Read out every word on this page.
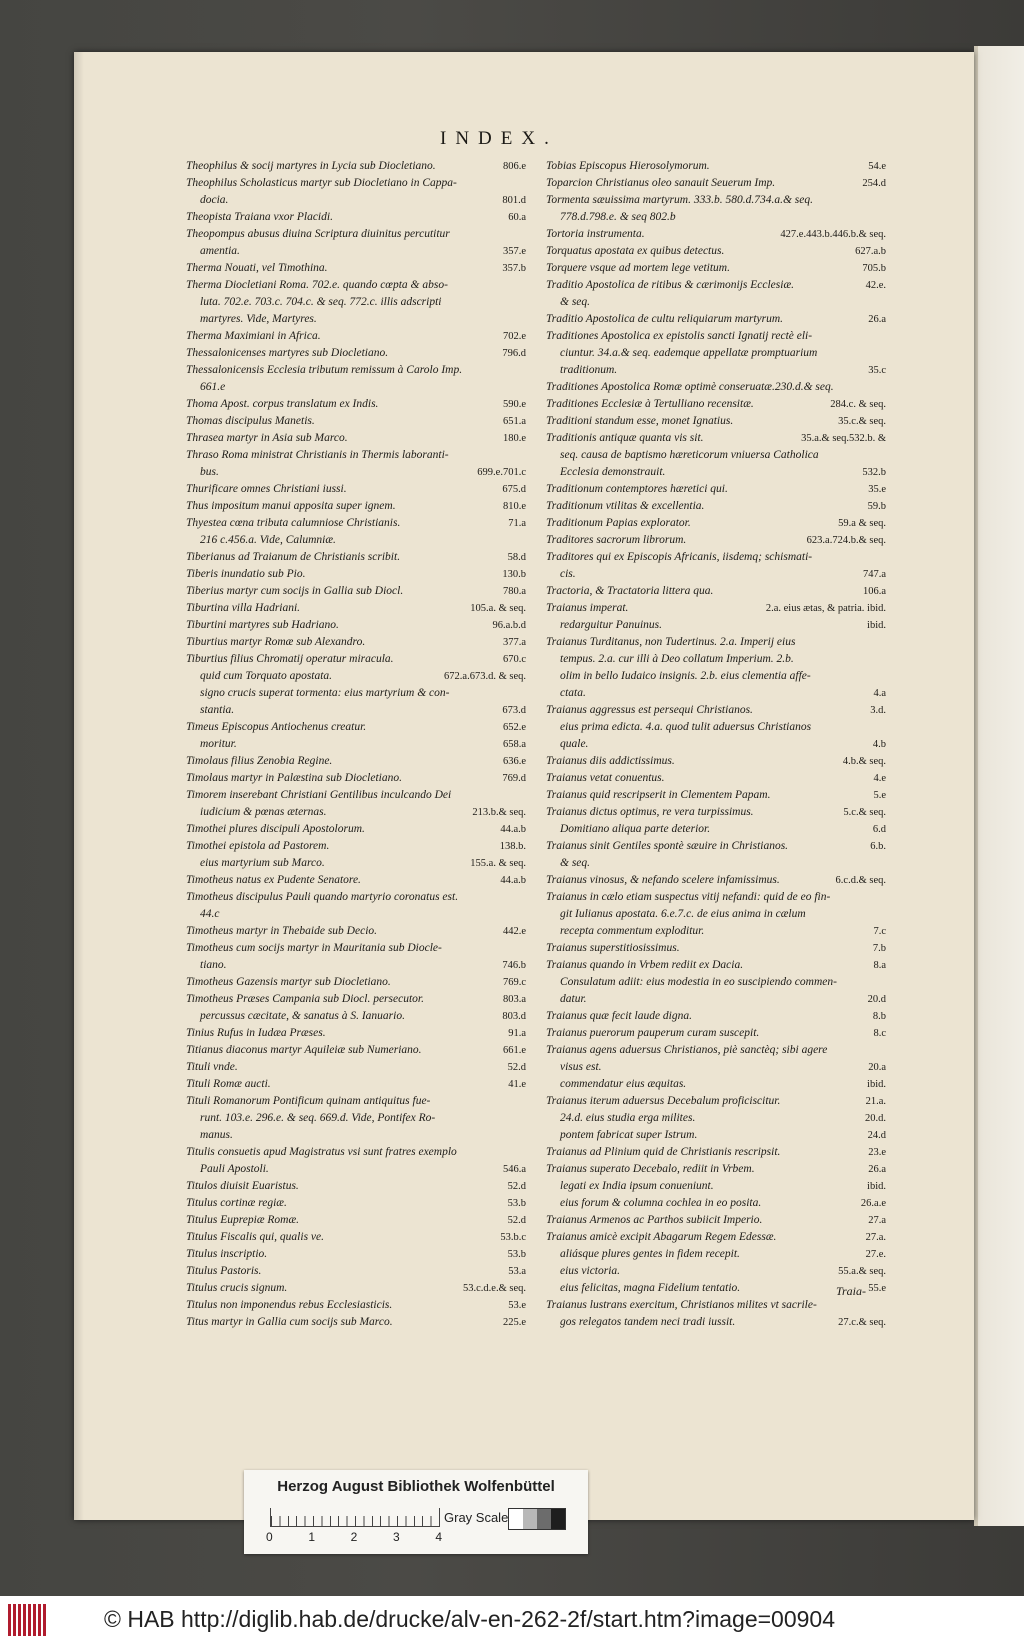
INDEX.
Theophilus & socij martyres in Lycia sub Diocletiano.	806.e
Theophilus Scholasticus martyr sub Diocletiano in Cappa-
docia.	801.d
Theopista Traiana vxor Placidi.	60.a
Theopompus abusus diuina Scriptura diuinitus percutitur
amentia.	357.e
Therma Nouati, vel Timothina.	357.b
Therma Diocletiani Roma. 702.e. quando cœpta & abso-
luta. 702.e. 703.c. 704.c. & seq. 772.c. illis adscripti
martyres. Vide, Martyres.
Therma Maximiani in Africa.	702.e
Thessalonicenses martyres sub Diocletiano.	796.d
Thessalonicensis Ecclesia tributum remissum à Carolo Imp.
661.e
Thoma Apost. corpus translatum ex Indis.	590.e
Thomas discipulus Manetis.	651.a
Thrasea martyr in Asia sub Marco.	180.e
Thraso Roma ministrat Christianis in Thermis laboranti-
bus.	699.e.701.c
Thurificare omnes Christiani iussi.	675.d
Thus impositum manui apposita super ignem.	810.e
Thyestea cœna tributa calumniose Christianis.	71.a
216 c.456.a. Vide, Calumniæ.
Tiberianus ad Traianum de Christianis scribit.	58.d
Tiberis inundatio sub Pio.	130.b
Tiberius martyr cum socijs in Gallia sub Diocl.	780.a
Tiburtina villa Hadriani.	105.a. & seq.
Tiburtini martyres sub Hadriano.	96.a.b.d
Tiburtius martyr Romæ sub Alexandro.	377.a
Tiburtius filius Chromatij operatur miracula.	670.c
quid cum Torquato apostata.	672.a.673.d. & seq.
signo crucis superat tormenta: eius martyrium & con-
stantia.	673.d
Timeus Episcopus Antiochenus creatur.	652.e
moritur.	658.a
Timolaus filius Zenobia Regine.	636.e
Timolaus martyr in Palæstina sub Diocletiano.	769.d
Timorem inserebant Christiani Gentilibus inculcando Dei
iudicium & pœnas æternas.	213.b.& seq.
Timothei plures discipuli Apostolorum.	44.a.b
Timothei epistola ad Pastorem.	138.b.
eius martyrium sub Marco.	155.a. & seq.
Timotheus natus ex Pudente Senatore.	44.a.b
Timotheus discipulus Pauli quando martyrio coronatus est.
44.c
Timotheus martyr in Thebaide sub Decio.	442.e
Timotheus cum socijs martyr in Mauritania sub Diocle-
tiano.	746.b
Timotheus Gazensis martyr sub Diocletiano.	769.c
Timotheus Præses Campania sub Diocl. persecutor.	803.a
percussus cæcitate, & sanatus à S. Ianuario.	803.d
Tinius Rufus in Iudæa Præses.	91.a
Titianus diaconus martyr Aquileiæ sub Numeriano.	661.e
Tituli vnde.	52.d
Tituli Romæ aucti.	41.e
Tituli Romanorum Pontificum quinam antiquitus fue-
runt. 103.e. 296.e. & seq. 669.d. Vide, Pontifex Ro-
manus.
Titulis consuetis apud Magistratus vsi sunt fratres exemplo
Pauli Apostoli.	546.a
Titulos diuisit Euaristus.	52.d
Titulus cortinæ regiæ.	53.b
Titulus Euprepiæ Romæ.	52.d
Titulus Fiscalis qui, qualis ve.	53.b.c
Titulus inscriptio.	53.b
Titulus Pastoris.	53.a
Titulus crucis signum.	53.c.d.e.& seq.
Titulus non imponendus rebus Ecclesiasticis.	53.e
Titus martyr in Gallia cum socijs sub Marco.	225.e
Tobias Episcopus Hierosolymorum.	54.e
Toparcion Christianus oleo sanauit Seuerum Imp.	254.d
Tormenta sæuissima martyrum. 333.b. 580.d.734.a.& seq.
778.d.798.e. & seq 802.b
Tortoria instrumenta.	427.e.443.b.446.b.& seq.
Torquatus apostata ex quibus detectus.	627.a.b
Torquere vsque ad mortem lege vetitum.	705.b
Traditio Apostolica de ritibus & cærimonijs Ecclesiæ.	42.e.
& seq.
Traditio Apostolica de cultu reliquiarum martyrum.	26.a
Traditiones Apostolica ex epistolis sancti Ignatij rectè eli-
ciuntur. 34.a.& seq. eademque appellatæ promptuarium
traditionum.	35.c
Traditiones Apostolica Romæ optimè conseruatæ.230.d.& seq.
Traditiones Ecclesiæ à Tertulliano recensitæ.	284.c. & seq.
Traditioni standum esse, monet Ignatius.	35.c.& seq.
Traditionis antiquæ quanta vis sit.	35.a.& seq.532.b. &
seq. causa de baptismo hæreticorum vniuersa Catholica
Ecclesia demonstrauit.	532.b
Traditionum contemptores hæretici qui.	35.e
Traditionum vtilitas & excellentia.	59.b
Traditionum Papias explorator.	59.a & seq.
Traditores sacrorum librorum.	623.a.724.b.& seq.
Traditores qui ex Episcopis Africanis, iisdemq; schismati-
cis.	747.a
Tractoria, & Tractatoria littera qua.	106.a
Traianus imperat.	2.a. eius ætas, & patria. ibid.
redarguitur Panuinus.	ibid.
Traianus Turditanus, non Tudertinus. 2.a. Imperij eius
tempus. 2.a. cur illi à Deo collatum Imperium. 2.b.
olim in bello Iudaico insignis. 2.b. eius clementia affe-
ctata.	4.a
Traianus aggressus est persequi Christianos.	3.d.
eius prima edicta. 4.a. quod tulit aduersus Christianos
quale.	4.b
Traianus diis addictissimus.	4.b.& seq.
Traianus vetat conuentus.	4.e
Traianus quid rescripserit in Clementem Papam.	5.e
Traianus dictus optimus, re vera turpissimus.	5.c.& seq.
Domitiano aliqua parte deterior.	6.d
Traianus sinit Gentiles spontè sæuire in Christianos.	6.b.
& seq.
Traianus vinosus, & nefando scelere infamissimus.	6.c.d.& seq.
Traianus in cælo etiam suspectus vitij nefandi: quid de eo fin-
git Iulianus apostata. 6.e.7.c. de eius anima in cælum
recepta commentum exploditur.	7.c
Traianus superstitiosissimus.	7.b
Traianus quando in Vrbem rediit ex Dacia.	8.a
Consulatum adiit: eius modestia in eo suscipiendo commen-
datur.	20.d
Traianus quæ fecit laude digna.	8.b
Traianus puerorum pauperum curam suscepit.	8.c
Traianus agens aduersus Christianos, piè sanctèq; sibi agere
visus est.	20.a
commendatur eius æquitas.	ibid.
Traianus iterum aduersus Decebalum proficiscitur.	21.a.
24.d. eius studia erga milites.	20.d.
pontem fabricat super Istrum.	24.d
Traianus ad Plinium quid de Christianis rescripsit.	23.e
Traianus superato Decebalo, rediit in Vrbem.	26.a
legati ex India ipsum conueniunt.	ibid.
eius forum & columna cochlea in eo posita.	26.a.e
Traianus Armenos ac Parthos subiicit Imperio.	27.a
Traianus amicè excipit Abagarum Regem Edessæ.	27.a.
aliásque plures gentes in fidem recepit.	27.e.
eius victoria.	55.a.& seq.
eius felicitas, magna Fidelium tentatio.	55.e
Traianus lustrans exercitum, Christianos milites vt sacrile-
gos relegatos tandem neci tradi iussit.	27.c.& seq.
Traia-
Herzog August Bibliothek Wolfenbüttel
0	1	2	3	4
Gray Scale
© HAB http://diglib.hab.de/drucke/alv-en-262-2f/start.htm?image=00904
